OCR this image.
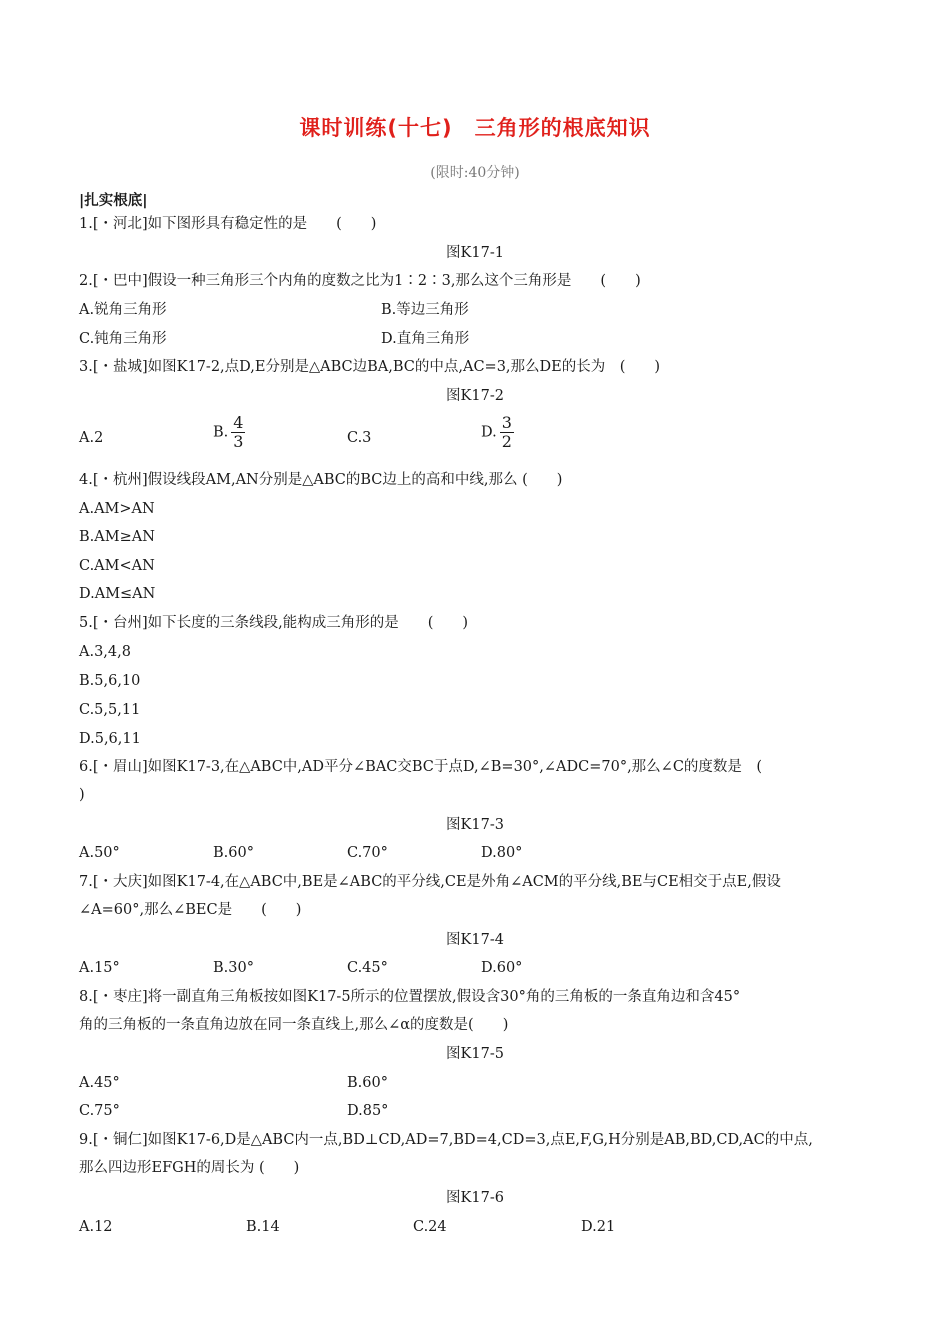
课时训练(十七)　三角形的根底知识
(限时:40分钟)
|扎实根底|
1.[・河北]如下图形具有稳定性的是　　(　　)
图K17-1
2.[・巴中]假设一种三角形三个内角的度数之比为1∶2∶3,那么这个三角形是　　(　　)
A.锐角三角形	B.等边三角形
C.钝角三角形	D.直角三角形
3.[・盐城]如图K17-2,点D,E分别是△ABC边BA,BC的中点,AC=3,那么DE的长为　(　　)
图K17-2
A.2	B. $\frac{4}{3}$	C.3	D. $\frac{3}{2}$
4.[・杭州]假设线段AM,AN分别是△ABC的BC边上的高和中线,那么 (　　)
A.AM>AN
B.AM≥AN
C.AM<AN
D.AM≤AN
5.[・台州]如下长度的三条线段,能构成三角形的是　　(　　)
A.3,4,8
B.5,6,10
C.5,5,11
D.5,6,11
6.[・眉山]如图K17-3,在△ABC中,AD平分∠BAC交BC于点D,∠B=30°,∠ADC=70°,那么∠C的度数是　(
)
图K17-3
A.50°	B.60°	C.70°	D.80°
7.[・大庆]如图K17-4,在△ABC中,BE是∠ABC的平分线,CE是外角∠ACM的平分线,BE与CE相交于点E,假设
∠A=60°,那么∠BEC是　　(　　)
图K17-4
A.15°	B.30°	C.45°	D.60°
8.[・枣庄]将一副直角三角板按如图K17-5所示的位置摆放,假设含30°角的三角板的一条直角边和含45°
角的三角板的一条直角边放在同一条直线上,那么∠α的度数是(　　)
图K17-5
A.45°	B.60°
C.75°	D.85°
9.[・铜仁]如图K17-6,D是△ABC内一点,BD⊥CD,AD=7,BD=4,CD=3,点E,F,G,H分别是AB,BD,CD,AC的中点,
那么四边形EFGH的周长为 (　　)
图K17-6
A.12	B.14	C.24	D.21
